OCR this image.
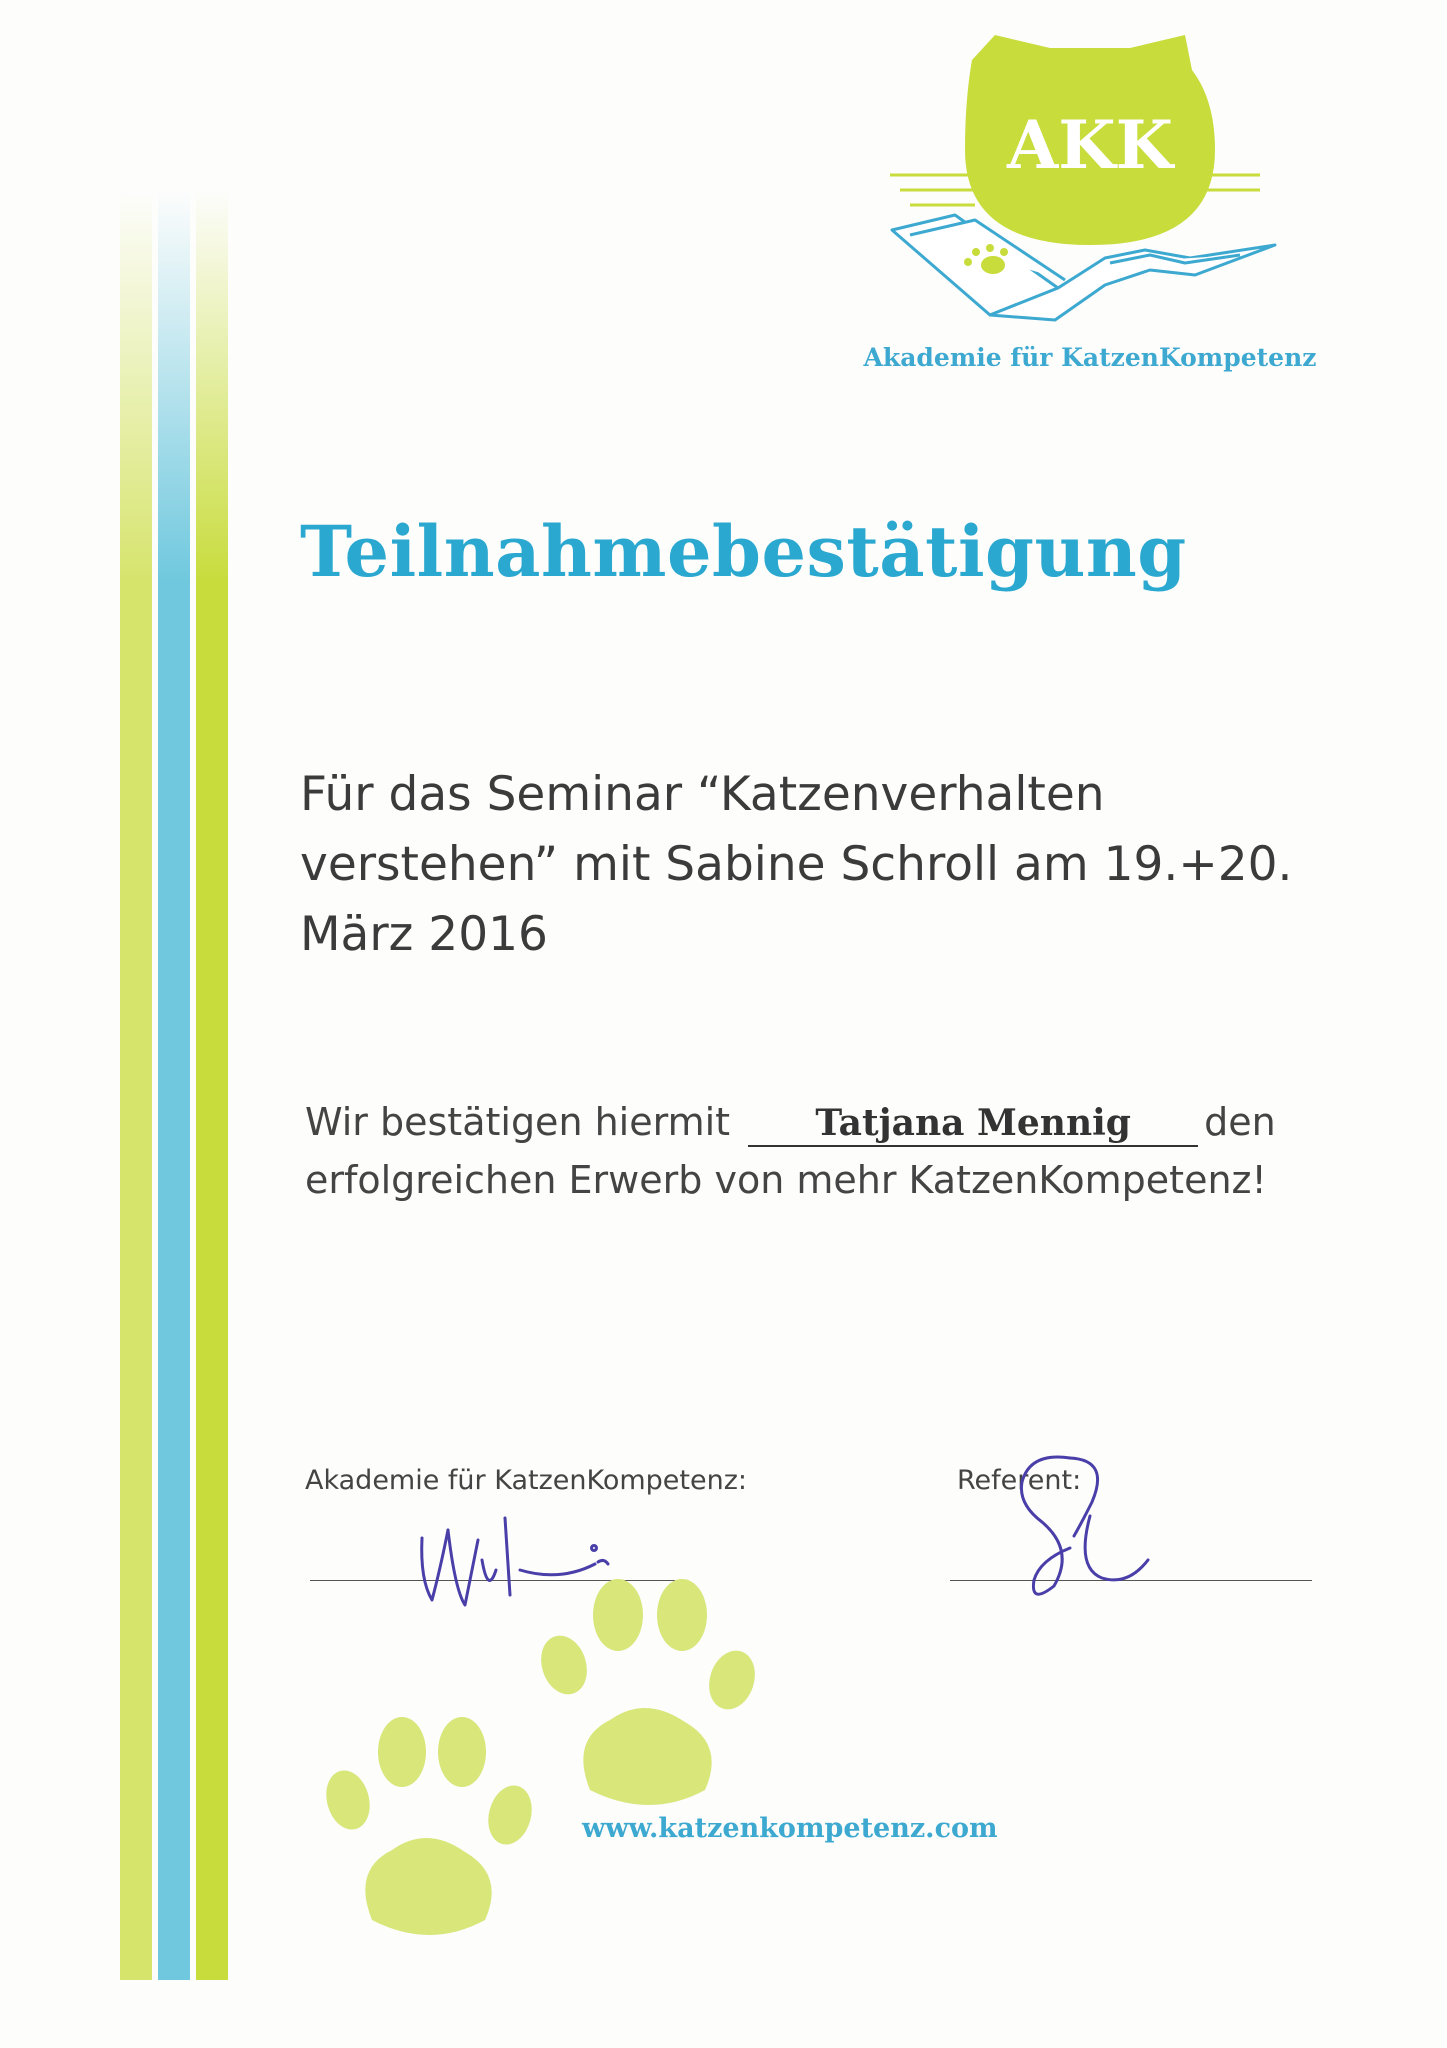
AKK
Akademie für KatzenKompetenz
Teilnahmebestätigung

Für das Seminar “Katzenverhalten verstehen” mit Sabine Schroll am 19.+20. März 2016

Wir bestätigen hiermit Tatjana Mennig den

erfolgreichen Erwerb von mehr KatzenKompetenz!

Akademie für KatzenKompetenz:	Referent:
www.katzenkompetenz.com
